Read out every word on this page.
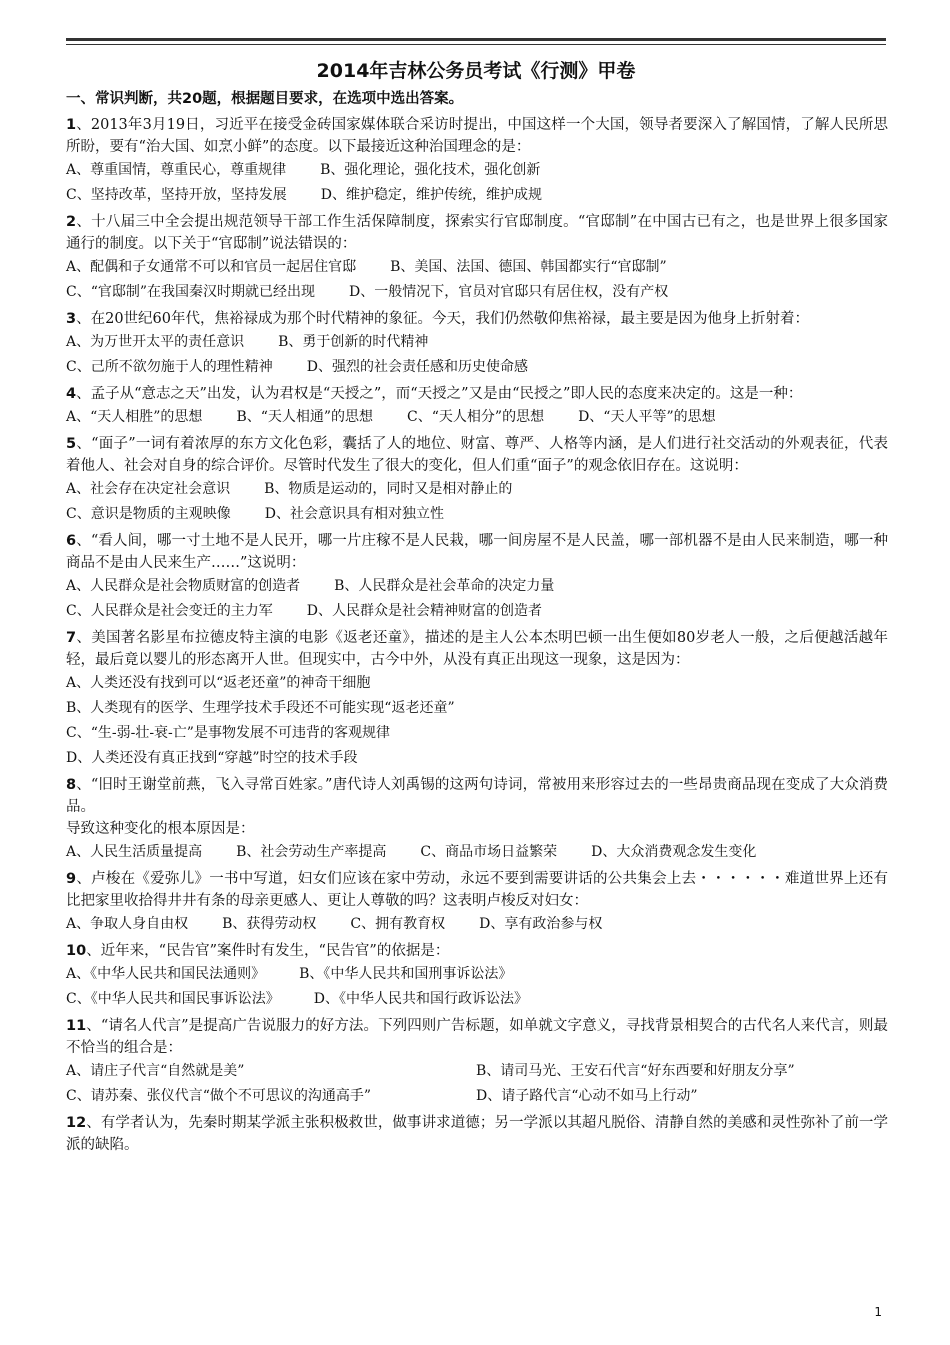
2014年吉林公务员考试《行测》甲卷
一、常识判断，共20题，根据题目要求，在选项中选出答案。
1、2013年3月19日，习近平在接受金砖国家媒体联合采访时提出，中国这样一个大国，领导者要深入了解国情，了解人民所思所盼，要有“治大国、如烹小鲜”的态度。以下最接近这种治国理念的是：
A、尊重国情，尊重民心，尊重规律 B、强化理论，强化技术，强化创新
C、坚持改革，坚持开放，坚持发展 D、维护稳定，维护传统，维护成规
2、十八届三中全会提出规范领导干部工作生活保障制度，探索实行官邸制度。“官邸制”在中国古已有之，也是世界上很多国家通行的制度。以下关于“官邸制”说法错误的：
A、配偶和子女通常不可以和官员一起居住官邸 B、美国、法国、德国、韩国都实行“官邸制”
C、“官邸制”在我国秦汉时期就已经出现 D、一般情况下，官员对官邸只有居住权，没有产权
3、在20世纪60年代，焦裕禄成为那个时代精神的象征。今天，我们仍然敬仰焦裕禄，最主要是因为他身上折射着：
A、为万世开太平的责任意识 B、勇于创新的时代精神
C、己所不欲勿施于人的理性精神 D、强烈的社会责任感和历史使命感
4、孟子从“意志之天”出发，认为君权是“天授之”，而“天授之”又是由“民授之”即人民的态度来决定的。这是一种：
A、“天人相胜”的思想 B、“天人相通”的思想 C、“天人相分”的思想 D、“天人平等”的思想
5、“面子”一词有着浓厚的东方文化色彩，囊括了人的地位、财富、尊严、人格等内涵，是人们进行社交活动的外观表征，代表着他人、社会对自身的综合评价。尽管时代发生了很大的变化，但人们重“面子”的观念依旧存在。这说明：
A、社会存在决定社会意识 B、物质是运动的，同时又是相对静止的
C、意识是物质的主观映像 D、社会意识具有相对独立性
6、“看人间，哪一寸土地不是人民开，哪一片庄稼不是人民栽，哪一间房屋不是人民盖，哪一部机器不是由人民来制造，哪一种商品不是由人民来生产……”这说明：
A、人民群众是社会物质财富的创造者 B、人民群众是社会革命的决定力量
C、人民群众是社会变迁的主力军 D、人民群众是社会精神财富的创造者
7、美国著名影星布拉德皮特主演的电影《返老还童》，描述的是主人公本杰明巴顿一出生便如80岁老人一般，之后便越活越年轻，最后竟以婴儿的形态离开人世。但现实中，古今中外，从没有真正出现这一现象，这是因为：
A、人类还没有找到可以“返老还童”的神奇干细胞
B、人类现有的医学、生理学技术手段还不可能实现“返老还童”
C、“生-弱-壮-衰-亡”是事物发展不可违背的客观规律
D、人类还没有真正找到“穿越”时空的技术手段
8、“旧时王谢堂前燕，飞入寻常百姓家。”唐代诗人刘禹锡的这两句诗词，常被用来形容过去的一些昂贵商品现在变成了大众消费品。
导致这种变化的根本原因是：
A、人民生活质量提高 B、社会劳动生产率提高 C、商品市场日益繁荣 D、大众消费观念发生变化
9、卢梭在《爱弥儿》一书中写道，妇女们应该在家中劳动，永远不要到需要讲话的公共集会上去・・・・・・难道世界上还有比把家里收拾得井井有条的母亲更感人、更让人尊敬的吗？这表明卢梭反对妇女：
A、争取人身自由权 B、获得劳动权 C、拥有教育权 D、享有政治参与权
10、近年来，“民告官”案件时有发生，“民告官”的依据是：
A、《中华人民共和国民法通则》 B、《中华人民共和国刑事诉讼法》
C、《中华人民共和国民事诉讼法》 D、《中华人民共和国行政诉讼法》
11、“请名人代言”是提高广告说服力的好方法。下列四则广告标题，如单就文字意义，寻找背景相契合的古代名人来代言，则最不恰当的组合是：
A、请庄子代言“自然就是美”	B、请司马光、王安石代言“好东西要和好朋友分享”
C、请苏秦、张仪代言“做个不可思议的沟通高手”	D、请子路代言“心动不如马上行动”
12、有学者认为，先秦时期某学派主张积极救世，做事讲求道德；另一学派以其超凡脱俗、清静自然的美感和灵性弥补了前一学派的缺陷。
1
